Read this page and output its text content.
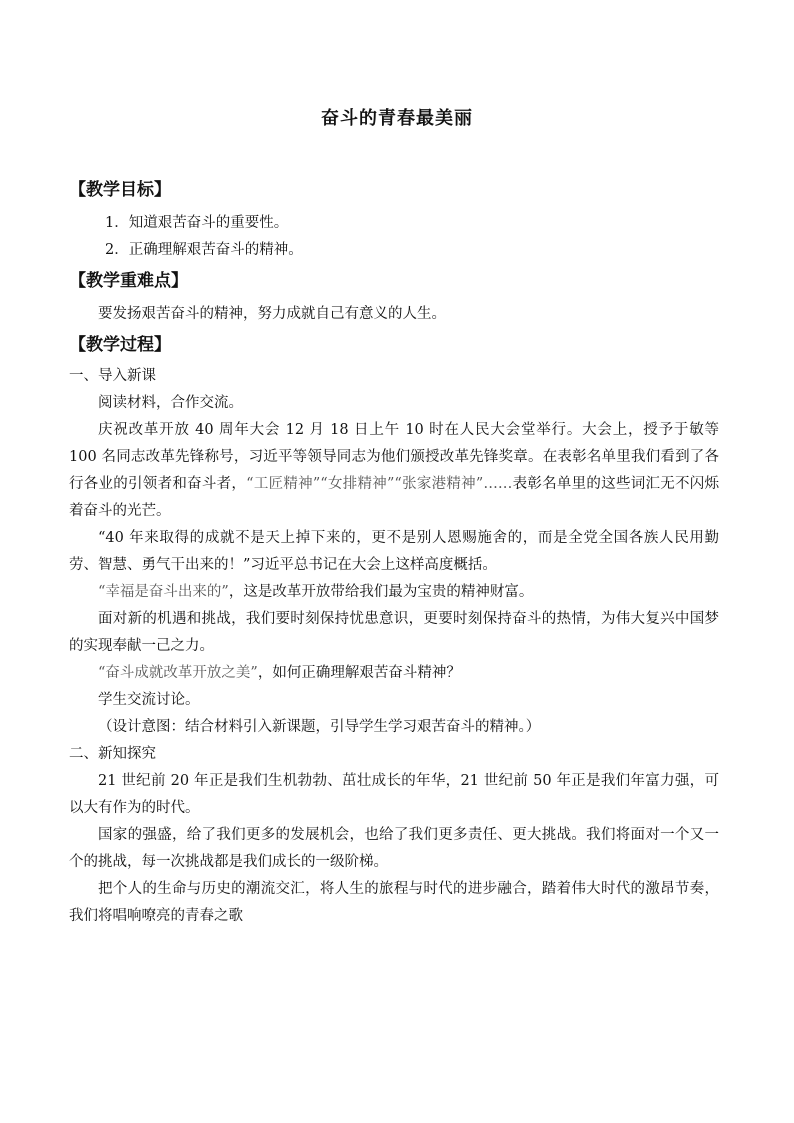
奋斗的青春最美丽

【教学目标】

1．知道艰苦奋斗的重要性。

2．正确理解艰苦奋斗的精神。

【教学重难点】

要发扬艰苦奋斗的精神，努力成就自己有意义的人生。

【教学过程】

一、导入新课

阅读材料，合作交流。

庆祝改革开放 40 周年大会 12 月 18 日上午 10 时在人民大会堂举行。大会上，授予于敏等 100 名同志改革先锋称号，习近平等领导同志为他们颁授改革先锋奖章。在表彰名单里我们看到了各行各业的引领者和奋斗者，“工匠精神”“女排精神”“张家港精神”……表彰名单里的这些词汇无不闪烁着奋斗的光芒。

“40 年来取得的成就不是天上掉下来的，更不是别人恩赐施舍的，而是全党全国各族人民用勤劳、智慧、勇气干出来的！”习近平总书记在大会上这样高度概括。

“幸福是奋斗出来的”，这是改革开放带给我们最为宝贵的精神财富。

面对新的机遇和挑战，我们要时刻保持忧患意识，更要时刻保持奋斗的热情，为伟大复兴中国梦的实现奉献一己之力。

“奋斗成就改革开放之美”，如何正确理解艰苦奋斗精神？

学生交流讨论。

（设计意图：结合材料引入新课题，引导学生学习艰苦奋斗的精神。）

二、新知探究

21 世纪前 20 年正是我们生机勃勃、茁壮成长的年华，21 世纪前 50 年正是我们年富力强，可以大有作为的时代。

国家的强盛，给了我们更多的发展机会，也给了我们更多责任、更大挑战。我们将面对一个又一个的挑战，每一次挑战都是我们成长的一级阶梯。

把个人的生命与历史的潮流交汇，将人生的旅程与时代的进步融合，踏着伟大时代的激昂节奏，我们将唱响嘹亮的青春之歌
